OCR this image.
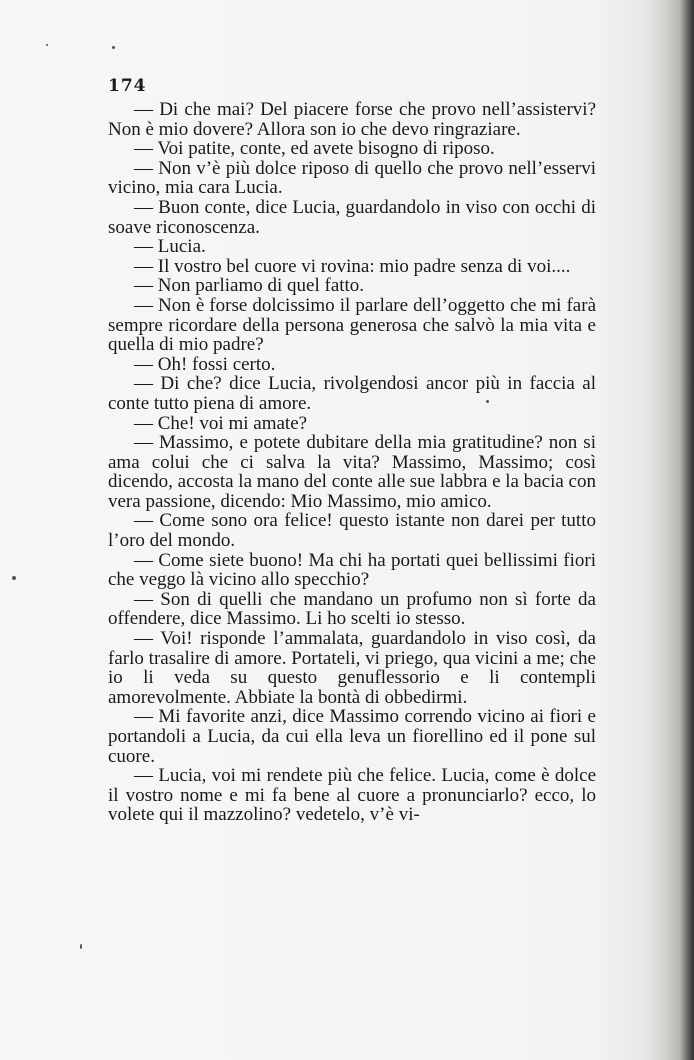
174

— Di che mai? Del piacere forse che provo nell’assistervi? Non è mio dovere? Allora son io che devo ringraziare.

— Voi patite, conte, ed avete bisogno di riposo.

— Non v’è più dolce riposo di quello che provo nell’esservi vicino, mia cara Lucia.

— Buon conte, dice Lucia, guardandolo in viso con occhi di soave riconoscenza.

— Lucia.

— Il vostro bel cuore vi rovina: mio padre senza di voi....

— Non parliamo di quel fatto.

— Non è forse dolcissimo il parlare dell’oggetto che mi farà sempre ricordare della persona generosa che salvò la mia vita e quella di mio padre?

— Oh! fossi certo.

— Di che? dice Lucia, rivolgendosi ancor più in faccia al conte tutto piena di amore.

— Che! voi mi amate?

— Massimo, e potete dubitare della mia gratitudine? non si ama colui che ci salva la vita? Massimo, Massimo; così dicendo, accosta la mano del conte alle sue labbra e la bacia con vera passione, dicendo: Mio Massimo, mio amico.

— Come sono ora felice! questo istante non darei per tutto l’oro del mondo.

— Come siete buono! Ma chi ha portati quei bellissimi fiori che veggo là vicino allo specchio?

— Son di quelli che mandano un profumo non sì forte da offendere, dice Massimo. Li ho scelti io stesso.

— Voi! risponde l’ammalata, guardandolo in viso così, da farlo trasalire di amore. Portateli, vi priego, qua vicini a me; che io li veda su questo genuflessorio e li contempli amorevolmente. Abbiate la bontà di obbedirmi.

— Mi favorite anzi, dice Massimo correndo vicino ai fiori e portandoli a Lucia, da cui ella leva un fiorellino ed il pone sul cuore.

— Lucia, voi mi rendete più che felice. Lucia, come è dolce il vostro nome e mi fa bene al cuore a pronunciarlo? ecco, lo volete qui il mazzolino? vedetelo, v’è vi-
